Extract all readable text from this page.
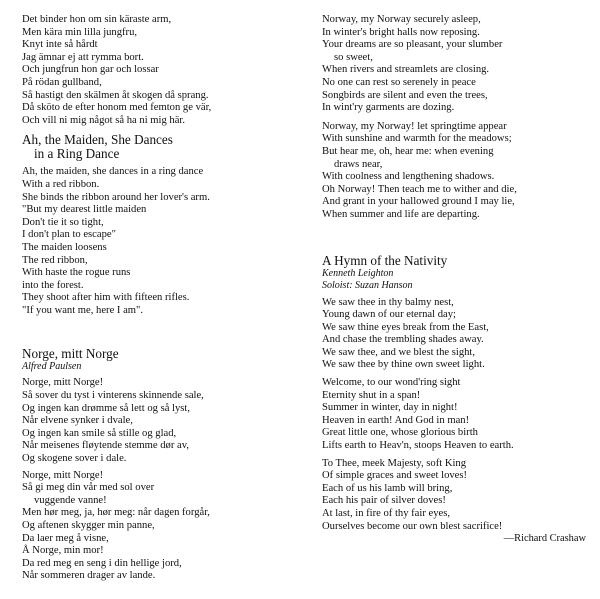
Det binder hon om sin käraste arm,
Men kära min lilla jungfru,
Knyt inte så hårdt
Jag ämnar ej att rymma bort.
Och jungfrun hon gar och lossar
På rödan gullband,
Så hastigt den skälmen åt skogen då sprang.
Då sköto de efter honom med femton ge vär,
Och vill ni mig något så ha ni mig här.
Ah, the Maiden, She Dances
in a Ring Dance
Ah, the maiden, she dances in a ring dance
With a red ribbon.
She binds the ribbon around her lover's arm.
"But my dearest little maiden
Don't tie it so tight,
I don't plan to escape"
The maiden loosens
The red ribbon,
With haste the rogue runs
into the forest.
They shoot after him with fifteen rifles.
"If you want me, here I am".
Norge, mitt Norge
Alfred Paulsen
Norge, mitt Norge!
Så sover du tyst i vinterens skinnende sale,
Og ingen kan drømme så lett og så lyst,
Når elvene synker i dvale,
Og ingen kan smile så stille og glad,
Når meisenes fløytende stemme dør av,
Og skogene sover i dale.
Norge, mitt Norge!
Så gi meg din vår med sol over
vuggende vanne!
Men hør meg, ja, hør meg: når dagen forgår,
Og aftenen skygger min panne,
Da laer meg å visne,
Å Norge, min mor!
Da red meg en seng i din hellige jord,
Når sommeren drager av lande.
Norway, my Norway securely asleep,
In winter's bright halls now reposing.
Your dreams are so pleasant, your slumber
so sweet,
When rivers and streamlets are closing.
No one can rest so serenely in peace
Songbirds are silent and even the trees,
In wint'ry garments are dozing.
Norway, my Norway! let springtime appear
With sunshine and warmth for the meadows;
But hear me, oh, hear me: when evening
draws near,
With coolness and lengthening shadows.
Oh Norway! Then teach me to wither and die,
And grant in your hallowed ground I may lie,
When summer and life are departing.
A Hymn of the Nativity
Kenneth Leighton
Soloist: Suzan Hanson
We saw thee in thy balmy nest,
Young dawn of our eternal day;
We saw thine eyes break from the East,
And chase the trembling shades away.
We saw thee, and we blest the sight,
We saw thee by thine own sweet light.
Welcome, to our wond'ring sight
Eternity shut in a span!
Summer in winter, day in night!
Heaven in earth! And God in man!
Great little one, whose glorious birth
Lifts earth to Heav'n, stoops Heaven to earth.
To Thee, meek Majesty, soft King
Of simple graces and sweet loves!
Each of us his lamb will bring,
Each his pair of silver doves!
At last, in fire of thy fair eyes,
Ourselves become our own blest sacrifice!
—Richard Crashaw
